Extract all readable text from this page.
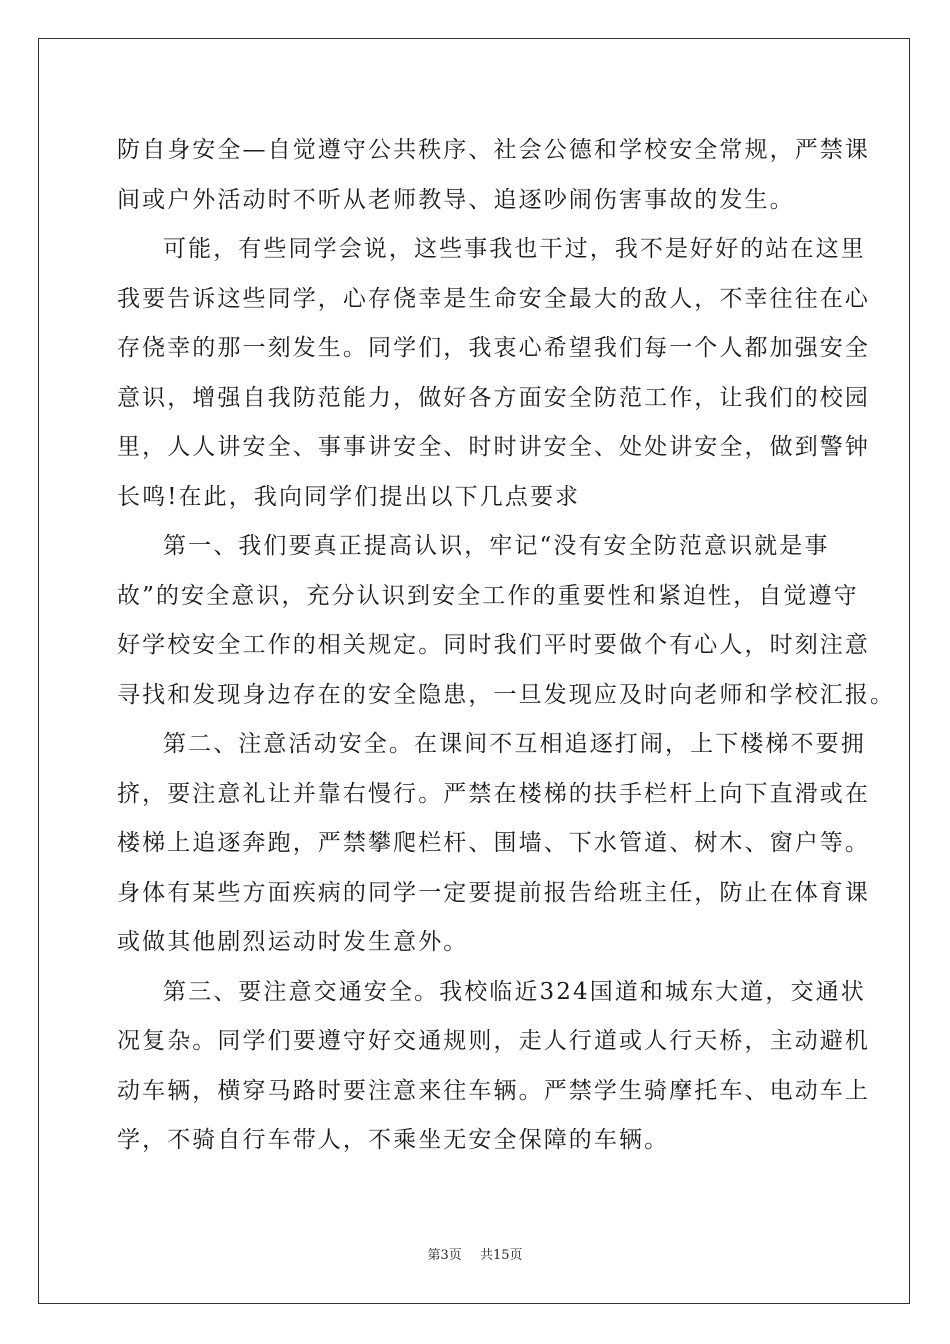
防自身安全—自觉遵守公共秩序、社会公德和学校安全常规，严禁课
间或户外活动时不听从老师教导、追逐吵闹伤害事故的发生。
可能，有些同学会说，这些事我也干过，我不是好好的站在这里
我要告诉这些同学，心存侥幸是生命安全最大的敌人，不幸往往在心
存侥幸的那一刻发生。同学们，我衷心希望我们每一个人都加强安全
意识，增强自我防范能力，做好各方面安全防范工作，让我们的校园
里，人人讲安全、事事讲安全、时时讲安全、处处讲安全，做到警钟
长鸣!在此，我向同学们提出以下几点要求
第一、我们要真正提高认识，牢记“没有安全防范意识就是事
故”的安全意识，充分认识到安全工作的重要性和紧迫性，自觉遵守
好学校安全工作的相关规定。同时我们平时要做个有心人，时刻注意
寻找和发现身边存在的安全隐患，一旦发现应及时向老师和学校汇报。
第二、注意活动安全。在课间不互相追逐打闹，上下楼梯不要拥
挤，要注意礼让并靠右慢行。严禁在楼梯的扶手栏杆上向下直滑或在
楼梯上追逐奔跑，严禁攀爬栏杆、围墙、下水管道、树木、窗户等。
身体有某些方面疾病的同学一定要提前报告给班主任，防止在体育课
或做其他剧烈运动时发生意外。
第三、要注意交通安全。我校临近324国道和城东大道，交通状
况复杂。同学们要遵守好交通规则，走人行道或人行天桥，主动避机
动车辆，横穿马路时要注意来往车辆。严禁学生骑摩托车、电动车上
学，不骑自行车带人，不乘坐无安全保障的车辆。
第3页 共15页
